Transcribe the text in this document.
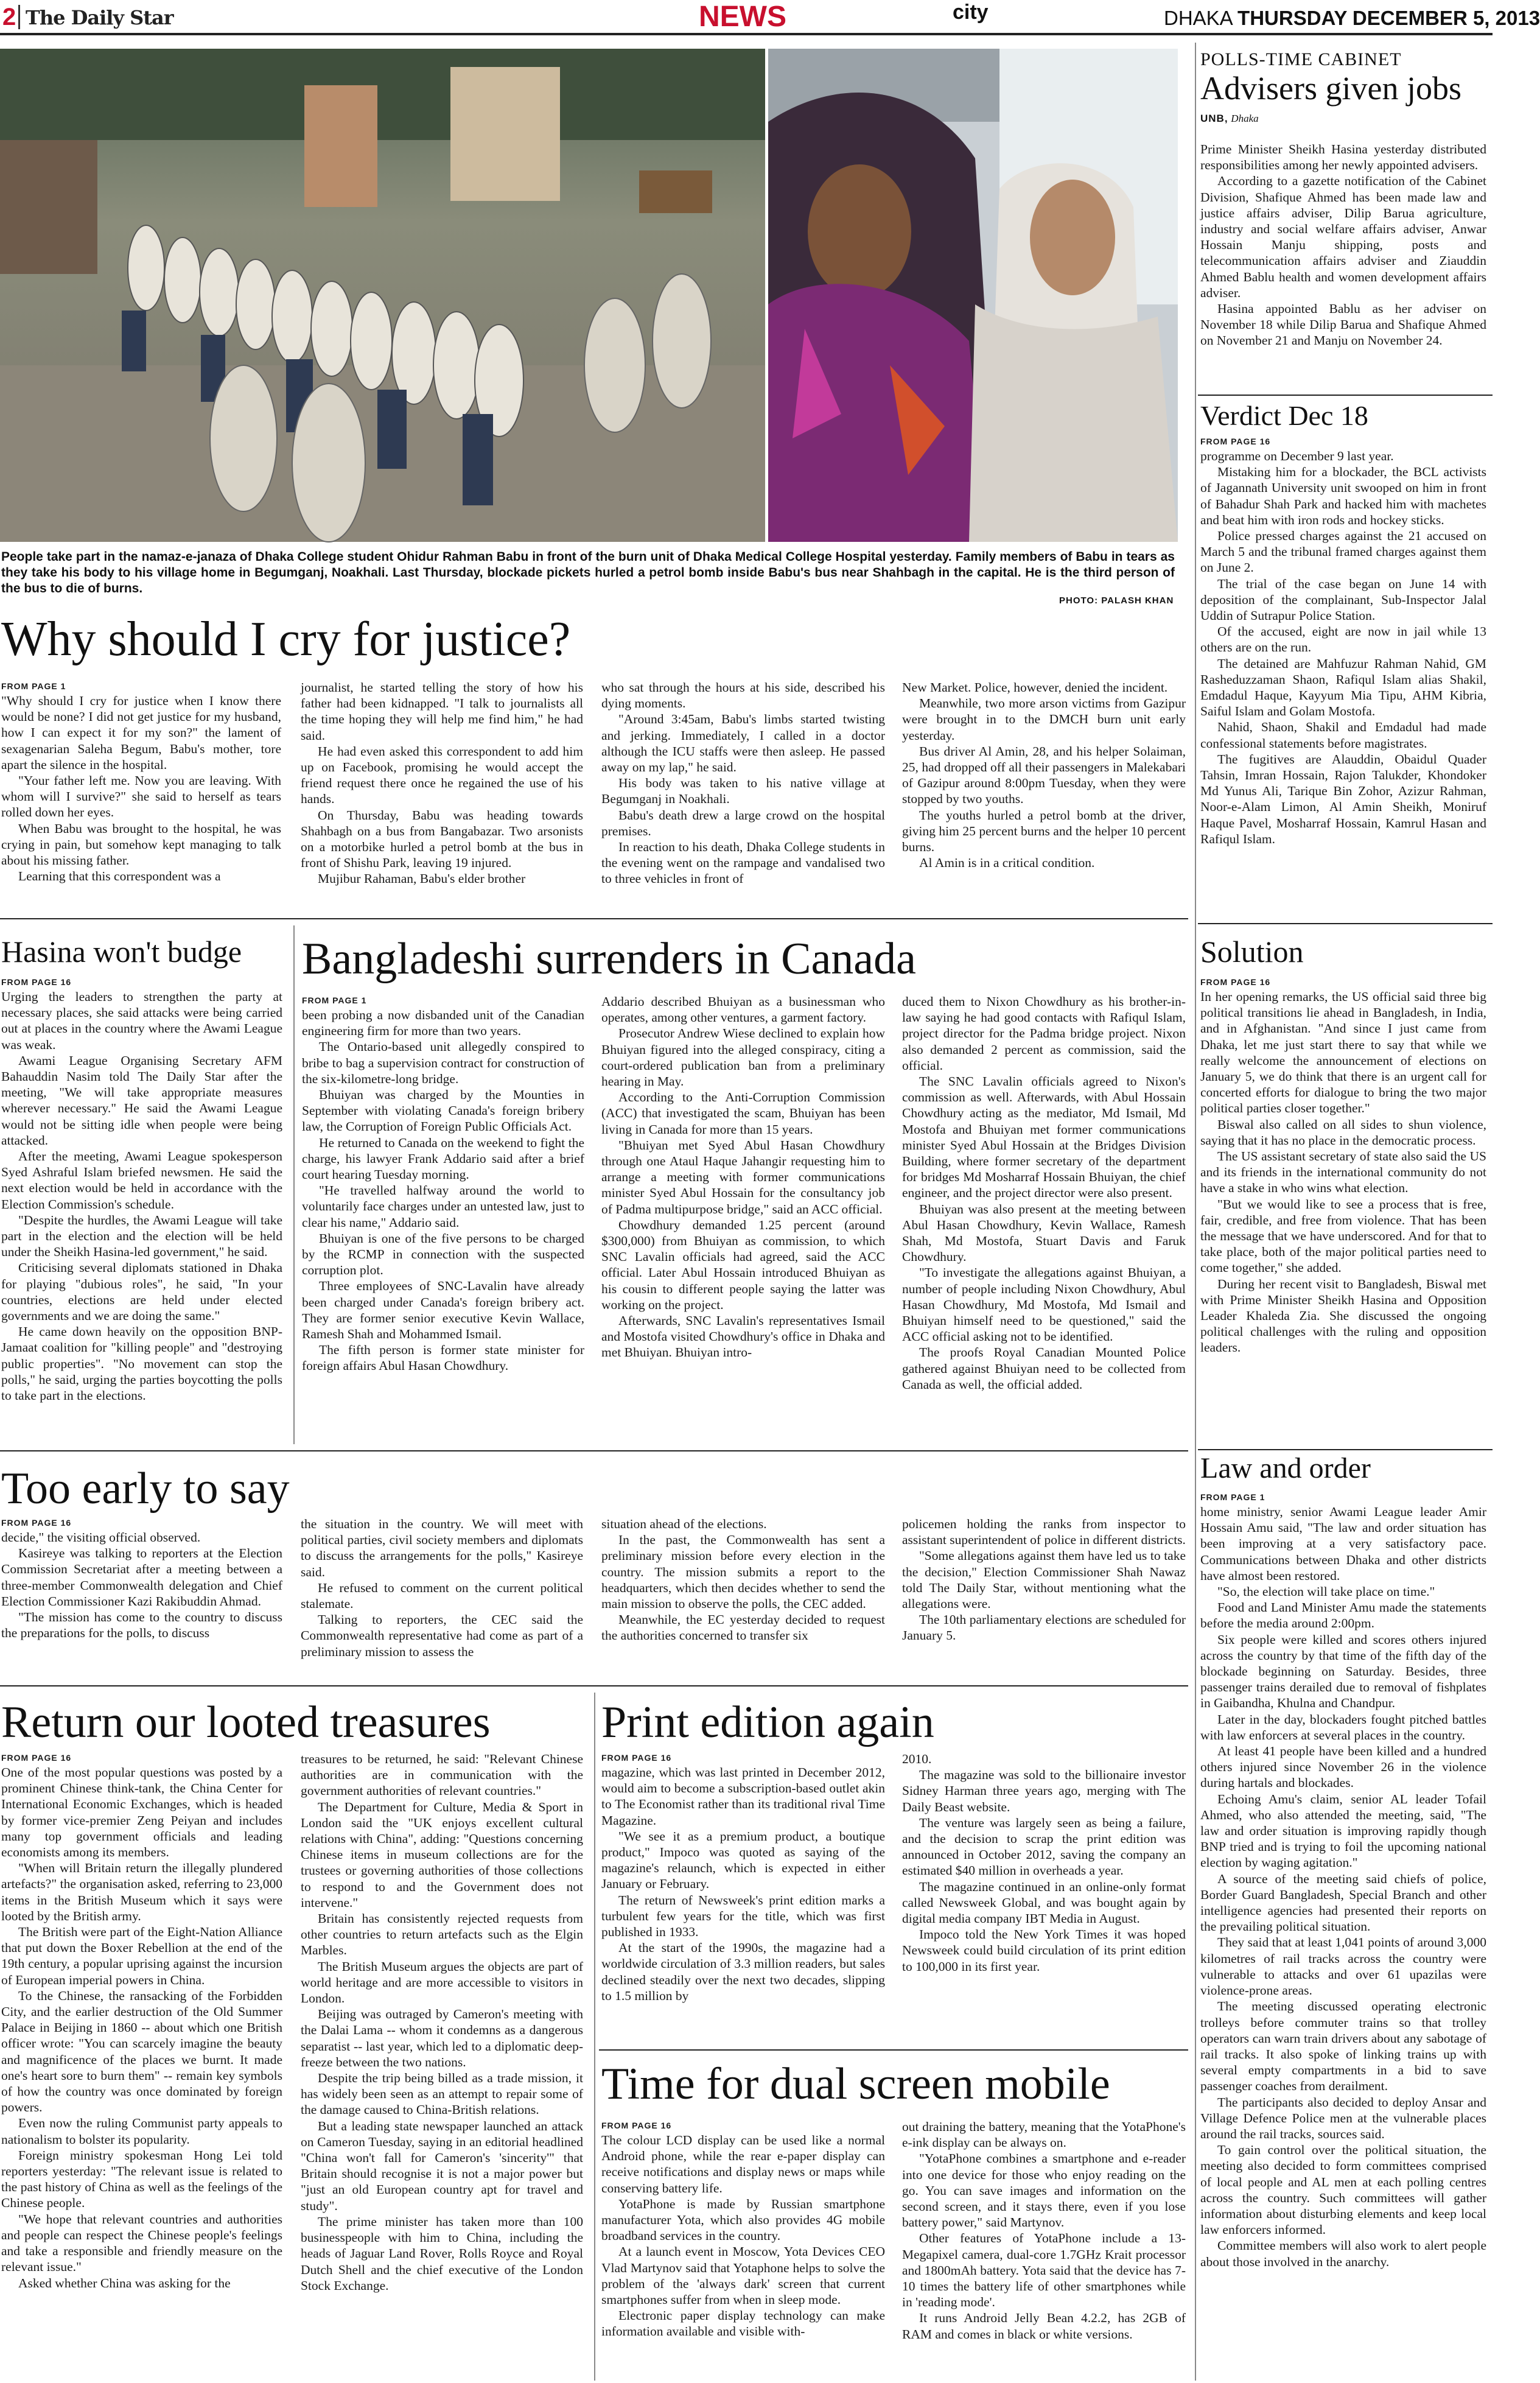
2 The Daily Star	NEWS	city	DHAKA THURSDAY DECEMBER 5, 2013
People take part in the namaz-e-janaza of Dhaka College student Ohidur Rahman Babu in front of the burn unit of Dhaka Medical College Hospital yesterday. Family members of Babu in tears as they take his body to his village home in Begumganj, Noakhali. Last Thursday, blockade pickets hurled a petrol bomb inside Babu's bus near Shahbagh in the capital. He is the third person of the bus to die of burns.
PHOTO: PALASH KHAN
Why should I cry for justice?
FROM PAGE 1

"Why should I cry for justice when I know there would be none? I did not get justice for my husband, how I can expect it for my son?" the lament of sexagenarian Saleha Begum, Babu's mother, tore apart the silence in the hospital.

"Your father left me. Now you are leaving. With whom will I survive?" she said to herself as tears rolled down her eyes.

When Babu was brought to the hospital, he was crying in pain, but somehow kept managing to talk about his missing father.

Learning that this correspondent was a

journalist, he started telling the story of how his father had been kidnapped. "I talk to journalists all the time hoping they will help me find him," he had said.

He had even asked this correspondent to add him up on Facebook, promising he would accept the friend request there once he regained the use of his hands.

On Thursday, Babu was heading towards Shahbagh on a bus from Bangabazar. Two arsonists on a motorbike hurled a petrol bomb at the bus in front of Shishu Park, leaving 19 injured.

Mujibur Rahaman, Babu's elder brother

who sat through the hours at his side, described his dying moments.

"Around 3:45am, Babu's limbs started twisting and jerking. Immediately, I called in a doctor although the ICU staffs were then asleep. He passed away on my lap," he said.

His body was taken to his native village at Begumganj in Noakhali.

Babu's death drew a large crowd on the hospital premises.

In reaction to his death, Dhaka College students in the evening went on the rampage and vandalised two to three vehicles in front of

New Market. Police, however, denied the incident.

Meanwhile, two more arson victims from Gazipur were brought in to the DMCH burn unit early yesterday.

Bus driver Al Amin, 28, and his helper Solaiman, 25, had dropped off all their passengers in Malekabari of Gazipur around 8:00pm Tuesday, when they were stopped by two youths.

The youths hurled a petrol bomb at the driver, giving him 25 percent burns and the helper 10 percent burns.

Al Amin is in a critical condition.

POLLS-TIME CABINET
Advisers given jobs
UNB, Dhaka

Prime Minister Sheikh Hasina yesterday distributed responsibilities among her newly appointed advisers.

According to a gazette notification of the Cabinet Division, Shafique Ahmed has been made law and justice affairs adviser, Dilip Barua agriculture, industry and social welfare affairs adviser, Anwar Hossain Manju shipping, posts and telecommunication affairs adviser and Ziauddin Ahmed Bablu health and women development affairs adviser.

Hasina appointed Bablu as her adviser on November 18 while Dilip Barua and Shafique Ahmed on November 21 and Manju on November 24.

Verdict Dec 18
FROM PAGE 16

programme on December 9 last year.

Mistaking him for a blockader, the BCL activists of Jagannath University unit swooped on him in front of Bahadur Shah Park and hacked him with machetes and beat him with iron rods and hockey sticks.

Police pressed charges against the 21 accused on March 5 and the tribunal framed charges against them on June 2.

The trial of the case began on June 14 with deposition of the complainant, Sub-Inspector Jalal Uddin of Sutrapur Police Station.

Of the accused, eight are now in jail while 13 others are on the run.

The detained are Mahfuzur Rahman Nahid, GM Rasheduzzaman Shaon, Rafiqul Islam alias Shakil, Emdadul Haque, Kayyum Mia Tipu, AHM Kibria, Saiful Islam and Golam Mostofa.

Nahid, Shaon, Shakil and Emdadul had made confessional statements before magistrates.

The fugitives are Alauddin, Obaidul Quader Tahsin, Imran Hossain, Rajon Talukder, Khondoker Md Yunus Ali, Tarique Bin Zohor, Azizur Rahman, Noor-e-Alam Limon, Al Amin Sheikh, Moniruf Haque Pavel, Mosharraf Hossain, Kamrul Hasan and Rafiqul Islam.

Hasina won't budge
FROM PAGE 16

Urging the leaders to strengthen the party at necessary places, she said attacks were being carried out at places in the country where the Awami League was weak.

Awami League Organising Secretary AFM Bahauddin Nasim told The Daily Star after the meeting, "We will take appropriate measures wherever necessary." He said the Awami League would not be sitting idle when people were being attacked.

After the meeting, Awami League spokesperson Syed Ashraful Islam briefed newsmen. He said the next election would be held in accordance with the Election Commission's schedule.

"Despite the hurdles, the Awami League will take part in the election and the election will be held under the Sheikh Hasina-led government," he said.

Criticising several diplomats stationed in Dhaka for playing "dubious roles", he said, "In your countries, elections are held under elected governments and we are doing the same."

He came down heavily on the opposition BNP-Jamaat coalition for "killing people" and "destroying public properties". "No movement can stop the polls," he said, urging the parties boycotting the polls to take part in the elections.

Bangladeshi surrenders in Canada
FROM PAGE 1

been probing a now disbanded unit of the Canadian engineering firm for more than two years.

The Ontario-based unit allegedly conspired to bribe to bag a supervision contract for construction of the six-kilometre-long bridge.

Bhuiyan was charged by the Mounties in September with violating Canada's foreign bribery law, the Corruption of Foreign Public Officials Act.

He returned to Canada on the weekend to fight the charge, his lawyer Frank Addario said after a brief court hearing Tuesday morning.

"He travelled halfway around the world to voluntarily face charges under an untested law, just to clear his name," Addario said.

Bhuiyan is one of the five persons to be charged by the RCMP in connection with the suspected corruption plot.

Three employees of SNC-Lavalin have already been charged under Canada's foreign bribery act. They are former senior executive Kevin Wallace, Ramesh Shah and Mohammed Ismail.

The fifth person is former state minister for foreign affairs Abul Hasan Chowdhury.

Addario described Bhuiyan as a businessman who operates, among other ventures, a garment factory.

Prosecutor Andrew Wiese declined to explain how Bhuiyan figured into the alleged conspiracy, citing a court-ordered publication ban from a preliminary hearing in May.

According to the Anti-Corruption Commission (ACC) that investigated the scam, Bhuiyan has been living in Canada for more than 15 years.

"Bhuiyan met Syed Abul Hasan Chowdhury through one Ataul Haque Jahangir requesting him to arrange a meeting with former communications minister Syed Abul Hossain for the consultancy job of Padma multipurpose bridge," said an ACC official.

Chowdhury demanded 1.25 percent (around $300,000) from Bhuiyan as commission, to which SNC Lavalin officials had agreed, said the ACC official. Later Abul Hossain introduced Bhuiyan as his cousin to different people saying the latter was working on the project.

Afterwards, SNC Lavalin's representatives Ismail and Mostofa visited Chowdhury's office in Dhaka and met Bhuiyan. Bhuiyan intro-

duced them to Nixon Chowdhury as his brother-in-law saying he had good contacts with Rafiqul Islam, project director for the Padma bridge project. Nixon also demanded 2 percent as commission, said the official.

The SNC Lavalin officials agreed to Nixon's commission as well. Afterwards, with Abul Hossain Chowdhury acting as the mediator, Md Ismail, Md Mostofa and Bhuiyan met former communications minister Syed Abul Hossain at the Bridges Division Building, where former secretary of the department for bridges Md Mosharraf Hossain Bhuiyan, the chief engineer, and the project director were also present.

Bhuiyan was also present at the meeting between Abul Hasan Chowdhury, Kevin Wallace, Ramesh Shah, Md Mostofa, Stuart Davis and Faruk Chowdhury.

"To investigate the allegations against Bhuiyan, a number of people including Nixon Chowdhury, Abul Hasan Chowdhury, Md Mostofa, Md Ismail and Bhuiyan himself need to be questioned," said the ACC official asking not to be identified.

The proofs Royal Canadian Mounted Police gathered against Bhuiyan need to be collected from Canada as well, the official added.

Solution
FROM PAGE 16

In her opening remarks, the US official said three big political transitions lie ahead in Bangladesh, in India, and in Afghanistan. "And since I just came from Dhaka, let me just start there to say that while we really welcome the announcement of elections on January 5, we do think that there is an urgent call for concerted efforts for dialogue to bring the two major political parties closer together."

Biswal also called on all sides to shun violence, saying that it has no place in the democratic process.

The US assistant secretary of state also said the US and its friends in the international community do not have a stake in who wins what election.

"But we would like to see a process that is free, fair, credible, and free from violence. That has been the message that we have underscored. And for that to take place, both of the major political parties need to come together," she added.

During her recent visit to Bangladesh, Biswal met with Prime Minister Sheikh Hasina and Opposition Leader Khaleda Zia. She discussed the ongoing political challenges with the ruling and opposition leaders.

Too early to say
FROM PAGE 16

decide," the visiting official observed.

Kasireye was talking to reporters at the Election Commission Secretariat after a meeting between a three-member Commonwealth delegation and Chief Election Commissioner Kazi Rakibuddin Ahmad.

"The mission has come to the country to discuss the preparations for the polls, to discuss

the situation in the country. We will meet with political parties, civil society members and diplomats to discuss the arrangements for the polls," Kasireye said.

He refused to comment on the current political stalemate.

Talking to reporters, the CEC said the Commonwealth representative had come as part of a preliminary mission to assess the

situation ahead of the elections.

In the past, the Commonwealth has sent a preliminary mission before every election in the country. The mission submits a report to the headquarters, which then decides whether to send the main mission to observe the polls, the CEC added.

Meanwhile, the EC yesterday decided to request the authorities concerned to transfer six

policemen holding the ranks from inspector to assistant superintendent of police in different districts.

"Some allegations against them have led us to take the decision," Election Commissioner Shah Nawaz told The Daily Star, without mentioning what the allegations were.

The 10th parliamentary elections are scheduled for January 5.

Law and order
FROM PAGE 1

home ministry, senior Awami League leader Amir Hossain Amu said, "The law and order situation has been improving at a very satisfactory pace. Communications between Dhaka and other districts have almost been restored.

"So, the election will take place on time."

Food and Land Minister Amu made the statements before the media around 2:00pm.

Six people were killed and scores others injured across the country by that time of the fifth day of the blockade beginning on Saturday. Besides, three passenger trains derailed due to removal of fishplates in Gaibandha, Khulna and Chandpur.

Later in the day, blockaders fought pitched battles with law enforcers at several places in the country.

At least 41 people have been killed and a hundred others injured since November 26 in the violence during hartals and blockades.

Echoing Amu's claim, senior AL leader Tofail Ahmed, who also attended the meeting, said, "The law and order situation is improving rapidly though BNP tried and is trying to foil the upcoming national election by waging agitation."

A source of the meeting said chiefs of police, Border Guard Bangladesh, Special Branch and other intelligence agencies had presented their reports on the prevailing political situation.

They said that at least 1,041 points of around 3,000 kilometres of rail tracks across the country were vulnerable to attacks and over 61 upazilas were violence-prone areas.

The meeting discussed operating electronic trolleys before commuter trains so that trolley operators can warn train drivers about any sabotage of rail tracks. It also spoke of linking trains up with several empty compartments in a bid to save passenger coaches from derailment.

The participants also decided to deploy Ansar and Village Defence Police men at the vulnerable places around the rail tracks, sources said.

To gain control over the political situation, the meeting also decided to form committees comprised of local people and AL men at each polling centres across the country. Such committees will gather information about disturbing elements and keep local law enforcers informed.

Committee members will also work to alert people about those involved in the anarchy.

Return our looted treasures
FROM PAGE 16

One of the most popular questions was posted by a prominent Chinese think-tank, the China Center for International Economic Exchanges, which is headed by former vice-premier Zeng Peiyan and includes many top government officials and leading economists among its members.

"When will Britain return the illegally plundered artefacts?" the organisation asked, referring to 23,000 items in the British Museum which it says were looted by the British army.

The British were part of the Eight-Nation Alliance that put down the Boxer Rebellion at the end of the 19th century, a popular uprising against the incursion of European imperial powers in China.

To the Chinese, the ransacking of the Forbidden City, and the earlier destruction of the Old Summer Palace in Beijing in 1860 -- about which one British officer wrote: "You can scarcely imagine the beauty and magnificence of the places we burnt. It made one's heart sore to burn them" -- remain key symbols of how the country was once dominated by foreign powers.

Even now the ruling Communist party appeals to nationalism to bolster its popularity.

Foreign ministry spokesman Hong Lei told reporters yesterday: "The relevant issue is related to the past history of China as well as the feelings of the Chinese people.

"We hope that relevant countries and authorities and people can respect the Chinese people's feelings and take a responsible and friendly measure on the relevant issue."

Asked whether China was asking for the

treasures to be returned, he said: "Relevant Chinese authorities are in communication with the government authorities of relevant countries."

The Department for Culture, Media & Sport in London said the "UK enjoys excellent cultural relations with China", adding: "Questions concerning Chinese items in museum collections are for the trustees or governing authorities of those collections to respond to and the Government does not intervene."

Britain has consistently rejected requests from other countries to return artefacts such as the Elgin Marbles.

The British Museum argues the objects are part of world heritage and are more accessible to visitors in London.

Beijing was outraged by Cameron's meeting with the Dalai Lama -- whom it condemns as a dangerous separatist -- last year, which led to a diplomatic deep-freeze between the two nations.

Despite the trip being billed as a trade mission, it has widely been seen as an attempt to repair some of the damage caused to China-British relations.

But a leading state newspaper launched an attack on Cameron Tuesday, saying in an editorial headlined "China won't fall for Cameron's 'sincerity'" that Britain should recognise it is not a major power but "just an old European country apt for travel and study".

The prime minister has taken more than 100 businesspeople with him to China, including the heads of Jaguar Land Rover, Rolls Royce and Royal Dutch Shell and the chief executive of the London Stock Exchange.

Print edition again
FROM PAGE 16

magazine, which was last printed in December 2012, would aim to become a subscription-based outlet akin to The Economist rather than its traditional rival Time Magazine.

"We see it as a premium product, a boutique product," Impoco was quoted as saying of the magazine's relaunch, which is expected in either January or February.

The return of Newsweek's print edition marks a turbulent few years for the title, which was first published in 1933.

At the start of the 1990s, the magazine had a worldwide circulation of 3.3 million readers, but sales declined steadily over the next two decades, slipping to 1.5 million by

2010.

The magazine was sold to the billionaire investor Sidney Harman three years ago, merging with The Daily Beast website.

The venture was largely seen as being a failure, and the decision to scrap the print edition was announced in October 2012, saving the company an estimated $40 million in overheads a year.

The magazine continued in an online-only format called Newsweek Global, and was bought again by digital media company IBT Media in August.

Impoco told the New York Times it was hoped Newsweek could build circulation of its print edition to 100,000 in its first year.

Time for dual screen mobile
FROM PAGE 16

The colour LCD display can be used like a normal Android phone, while the rear e-paper display can receive notifications and display news or maps while conserving battery life.

YotaPhone is made by Russian smartphone manufacturer Yota, which also provides 4G mobile broadband services in the country.

At a launch event in Moscow, Yota Devices CEO Vlad Martynov said that Yotaphone helps to solve the problem of the 'always dark' screen that current smartphones suffer from when in sleep mode.

Electronic paper display technology can make information available and visible with-

out draining the battery, meaning that the YotaPhone's e-ink display can be always on.

"YotaPhone combines a smartphone and e-reader into one device for those who enjoy reading on the go. You can save images and information on the second screen, and it stays there, even if you lose battery power," said Martynov.

Other features of YotaPhone include a 13-Megapixel camera, dual-core 1.7GHz Krait processor and 1800mAh battery. Yota said that the device has 7-10 times the battery life of other smartphones while in 'reading mode'.

It runs Android Jelly Bean 4.2.2, has 2GB of RAM and comes in black or white versions.
